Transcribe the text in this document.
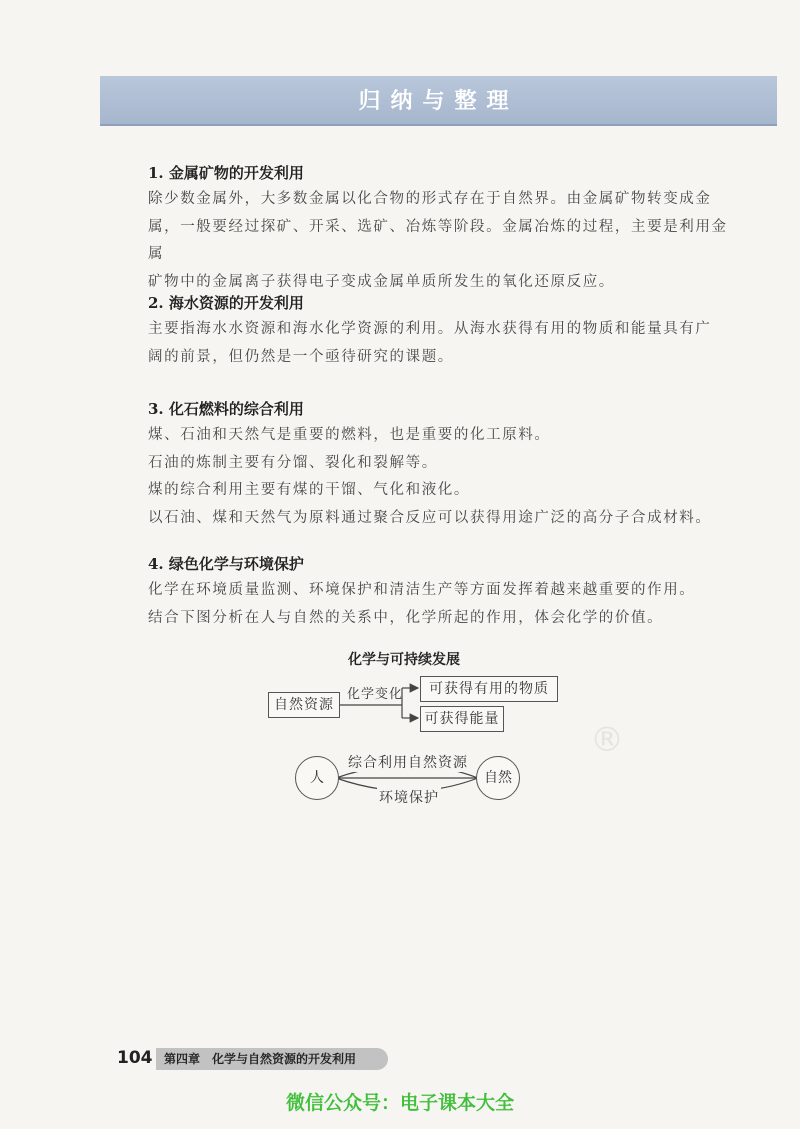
归纳与整理

1. 金属矿物的开发利用

除少数金属外，大多数金属以化合物的形式存在于自然界。由金属矿物转变成金

属，一般要经过探矿、开采、选矿、冶炼等阶段。金属冶炼的过程，主要是利用金属

矿物中的金属离子获得电子变成金属单质所发生的氧化还原反应。

2. 海水资源的开发利用

主要指海水水资源和海水化学资源的利用。从海水获得有用的物质和能量具有广

阔的前景，但仍然是一个亟待研究的课题。

3. 化石燃料的综合利用

煤、石油和天然气是重要的燃料，也是重要的化工原料。

石油的炼制主要有分馏、裂化和裂解等。

煤的综合利用主要有煤的干馏、气化和液化。

以石油、煤和天然气为原料通过聚合反应可以获得用途广泛的高分子合成材料。

4. 绿色化学与环境保护

化学在环境质量监测、环境保护和清洁生产等方面发挥着越来越重要的作用。

结合下图分析在人与自然的关系中，化学所起的作用，体会化学的价值。

®
化学与可持续发展
自然资源
化学变化	可获得有用的物质
可获得能量
人	自然
综合利用自然资源
环境保护
104 第四章　化学与自然资源的开发利用
微信公众号：电子课本大全
